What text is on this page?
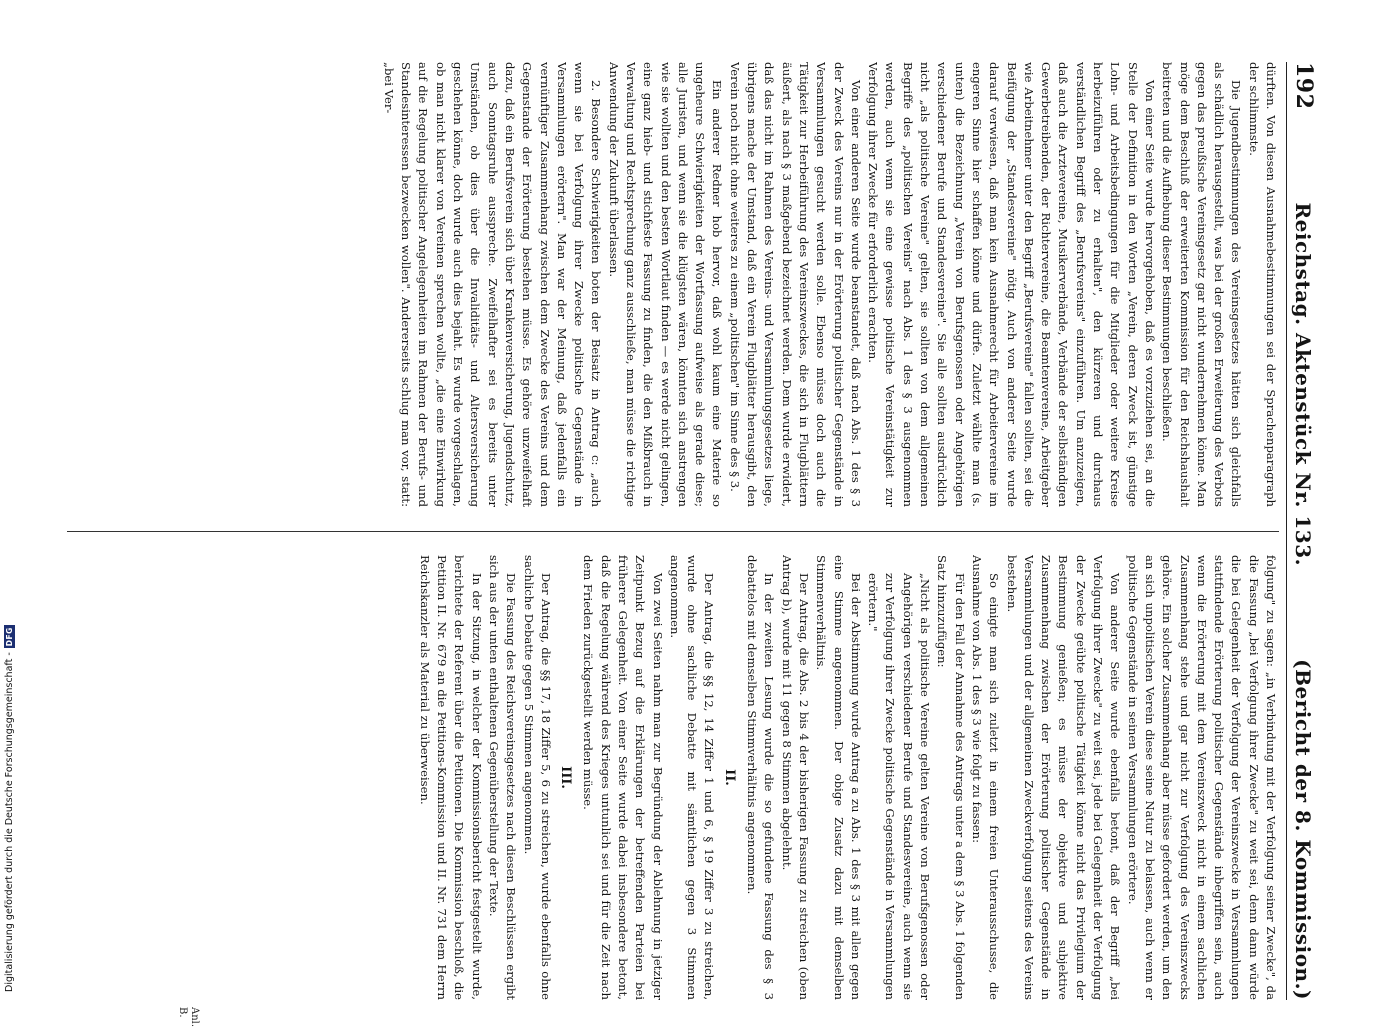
192
Reichstag. Aktenstück Nr. 133.
(Bericht der 8. Kommission.)

dürften. Von diesen Ausnahmebestimmungen sei der Sprachenparagraph der schlimmste.

Die Jugendbestimmungen des Vereinsgesetzes hätten sich gleichfalls als schädlich herausgestellt, was bei der großen Erweiterung des Verbots gegen das preußische Vereinsgesetz gar nicht wundernehmen könne. Man möge dem Beschluß der erweiterten Kommission für den Reichshaushalt beitreten und die Aufhebung dieser Bestimmungen beschließen.

Von einer Seite wurde hervorgehoben, daß es vorzuziehen sei, an die Stelle der Definition in den Worten „Verein, deren Zweck ist, günstige Lohn- und Arbeitsbedingungen für die Mitglieder oder weitere Kreise herbeizuführen oder zu erhalten", den kürzeren und durchaus verständlichen Begriff des „Berufsvereins" einzuführen. Um anzuzeigen, daß auch die Arztevereine, Musikerverbände, Verbände der selbständigen Gewerbetreibenden, der Richtervereine, die Beamtenvereine, Arbeitgeber wie Arbeitnehmer unter den Begriff „Berufsvereine" fallen sollten, sei die Beifügung der „Standesvereine" nötig. Auch von anderer Seite wurde darauf verwiesen, daß man kein Ausnahmerecht für Arbeitervereine im engeren Sinne hier schaffen könne und dürfe. Zuletzt wählte man (s. unten) die Bezeichnung „Verein von Berufsgenossen oder Angehörigen verschiedener Berufe und Standesvereine". Sie alle sollten ausdrücklich nicht „als politische Vereine" gelten, sie sollten von dem allgemeinen Begriffe des „politischen Vereins" nach Abs. 1 des § 3 ausgenommen werden, auch wenn sie eine gewisse politische Vereinstätigkeit zur Verfolgung ihrer Zwecke für erforderlich erachten.

Von einer anderen Seite wurde beanstandet, daß nach Abs. 1 des § 3 der Zweck des Vereins nur in der Erörterung politischer Gegenstände in Versammlungen gesucht werden solle. Ebenso müsse doch auch die Tätigkeit zur Herbeiführung des Vereinszweckes, die sich in Flugblättern äußert, als nach § 3 maßgebend bezeichnet werden. Dem wurde erwidert, daß das nicht im Rahmen des Vereins- und Versammlungsgesetzes liege, übrigens mache der Umstand, daß ein Verein Flugblätter herausgibt, den Verein noch nicht ohne weiteres zu einem „politischen" im Sinne des § 3.

Ein anderer Redner hob hervor, daß wohl kaum eine Materie so ungeheure Schwierigkeiten der Wortfassung aufweise als gerade diese; alle Juristen, und wenn sie die klügsten wären, könnten sich anstrengen wie sie wollten und den besten Wortlaut finden — es werde nicht gelingen, eine ganz hieb- und stichfeste Fassung zu finden, die den Mißbrauch in Verwaltung und Rechtsprechung ganz ausschließe, man müsse die richtige Anwendung der Zukunft überlassen.

2. Besondere Schwierigkeiten boten der Beisatz in Antrag c: „auch wenn sie bei Verfolgung ihrer Zwecke politische Gegenstände in Versammlungen erörtern". Man war der Meinung, daß jedenfalls ein vernünftiger Zusammenhang zwischen dem Zwecke des Vereins und dem Gegenstande der Erörterung bestehen müsse. Es gehöre unzweifelhaft dazu, daß ein Berufsverein sich über Krankenversicherung, Jugendschutz, auch Sonntagsruhe ausspreche. Zweifelhafter sei es bereits unter Umständen, ob dies über die Invaliditäts- und Altersversicherung geschehen könne, doch wurde auch dies bejaht. Es wurde vorgeschlagen, ob man nicht klarer von Vereinen sprechen wollte, „die eine Einwirkung auf die Regelung politischer Angelegenheiten im Rahmen der Berufs- und Standesinteressen bezwecken wollen". Andererseits schlug man vor, statt: „bei Ver-

folgung" zu sagen: „in Verbindung mit der Verfolgung seiner Zwecke", da die Fassung „bei Verfolgung ihrer Zwecke" zu weit sei, denn dann würde die bei Gelegenheit der Verfolgung der Vereinszwecke in Versammlungen stattfindende Erörterung politischer Gegenstände inbegriffen sein, auch wenn die Erörterung mit dem Vereinszweck nicht in einem sachlichen Zusammenhang stehe und gar nicht zur Verfolgung des Vereinszwecks gehöre. Ein solcher Zusammenhang aber müsse gefordert werden, um den an sich unpolitischen Verein diese seine Natur zu belassen, auch wenn er politische Gegenstände in seinen Versammlungen erörtere.

Von anderer Seite wurde ebenfalls betont, daß der Begriff „bei Verfolgung ihrer Zwecke" zu weit sei, jede bei Gelegenheit der Verfolgung der Zwecke geübte politische Tätigkeit könne nicht das Privilegium der Bestimmung genießen; es müsse der objektive und subjektive Zusammenhang zwischen der Erörterung politischer Gegenstände in Versammlungen und der allgemeinen Zweckverfolgung seitens des Vereins bestehen.

So einigte man sich zuletzt in einem freien Unterausschusse, die Ausnahme von Abs. 1 des § 3 wie folgt zu fassen:

Für den Fall der Annahme des Antrags unter a dem § 3 Abs. 1 folgenden Satz hinzuzufügen:

„Nicht als politische Vereine gelten Vereine von Berufsgenossen oder Angehörigen verschiedener Berufe und Standesvereine, auch wenn sie zur Verfolgung ihrer Zwecke politische Gegenstände in Versammlungen erörtern."

Bei der Abstimmung wurde Antrag a zu Abs. 1 des § 3 mit allen gegen eine Stimme angenommen. Der obige Zusatz dazu mit demselben Stimmenverhältnis.

Der Antrag, die Abs. 2 bis 4 der bisherigen Fassung zu streichen (oben Antrag b), wurde mit 11 gegen 8 Stimmen abgelehnt.

In der zweiten Lesung wurde die so gefundene Fassung des § 3 debattelos mit demselben Stimmverhältnis angenommen.

II.

Der Antrag, die §§ 12, 14 Ziffer 1 und 6, § 19 Ziffer 3 zu streichen, wurde ohne sachliche Debatte mit sämtlichen gegen 3 Stimmen angenommen.

Von zwei Seiten nahm man zur Begründung der Ablehnung in jetziger Zeitpunkt Bezug auf die Erklärungen der betreffenden Parteien bei früherer Gelegenheit. Von einer Seite wurde dabei insbesondere betont, daß die Regelung während des Krieges untunlich sei und für die Zeit nach dem Frieden zurückgestellt werden müsse.

III.

Der Antrag, die §§ 17, 18 Ziffer 5, 6 zu streichen, wurde ebenfalls ohne sachliche Debatte gegen 5 Stimmen angenommen.

Die Fassung des Reichsvereinsgesetzes nach diesen Beschlüssen ergibt sich aus der unten enthaltenen Gegenüberstellung der Texte.

In der Sitzung, in welcher der Kommissionsbericht festgestellt wurde, berichtete der Referent über die Petitionen. Die Kommission beschloß, die Petition II. Nr. 679 an die Petitions-Kommission und II. Nr. 731 dem Herrn Reichskanzler als Material zu überweisen.

Anl. B.
Digitalisierung gefördert durch die Deutsche Forschungsgemeinschaft -
DFG
